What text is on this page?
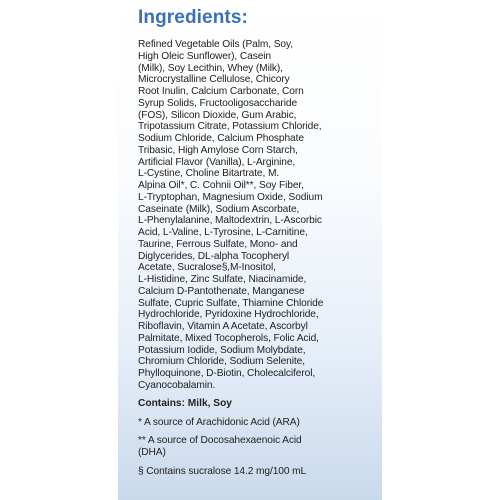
Ingredients:
Refined Vegetable Oils (Palm, Soy,
High Oleic Sunflower), Casein
(Milk), Soy Lecithin, Whey (Milk),
Microcrystalline Cellulose, Chicory
Root Inulin, Calcium Carbonate, Corn
Syrup Solids, Fructooligosaccharide
(FOS), Silicon Dioxide, Gum Arabic,
Tripotassium Citrate, Potassium Chloride,
Sodium Chloride, Calcium Phosphate
Tribasic, High Amylose Corn Starch,
Artificial Flavor (Vanilla), L-Arginine,
L-Cystine, Choline Bitartrate, M.
Alpina Oil*, C. Cohnii Oil**, Soy Fiber,
L-Tryptophan, Magnesium Oxide, Sodium
Caseinate (Milk), Sodium Ascorbate,
L-Phenylalanine, Maltodextrin, L-Ascorbic
Acid, L-Valine, L-Tyrosine, L-Carnitine,
Taurine, Ferrous Sulfate, Mono- and
Diglycerides, DL-alpha Tocopheryl
Acetate, Sucralose§,M-Inositol,
L-Histidine, Zinc Sulfate, Niacinamide,
Calcium D-Pantothenate, Manganese
Sulfate, Cupric Sulfate, Thiamine Chloride
Hydrochloride, Pyridoxine Hydrochloride,
Riboflavin, Vitamin A Acetate, Ascorbyl
Palmitate, Mixed Tocopherols, Folic Acid,
Potassium Iodide, Sodium Molybdate,
Chromium Chloride, Sodium Selenite,
Phylloquinone, D-Biotin, Cholecalciferol,
Cyanocobalamin.
Contains: Milk, Soy
* A source of Arachidonic Acid (ARA)
** A source of Docosahexaenoic Acid
(DHA)
§ Contains sucralose 14.2 mg/100 mL
